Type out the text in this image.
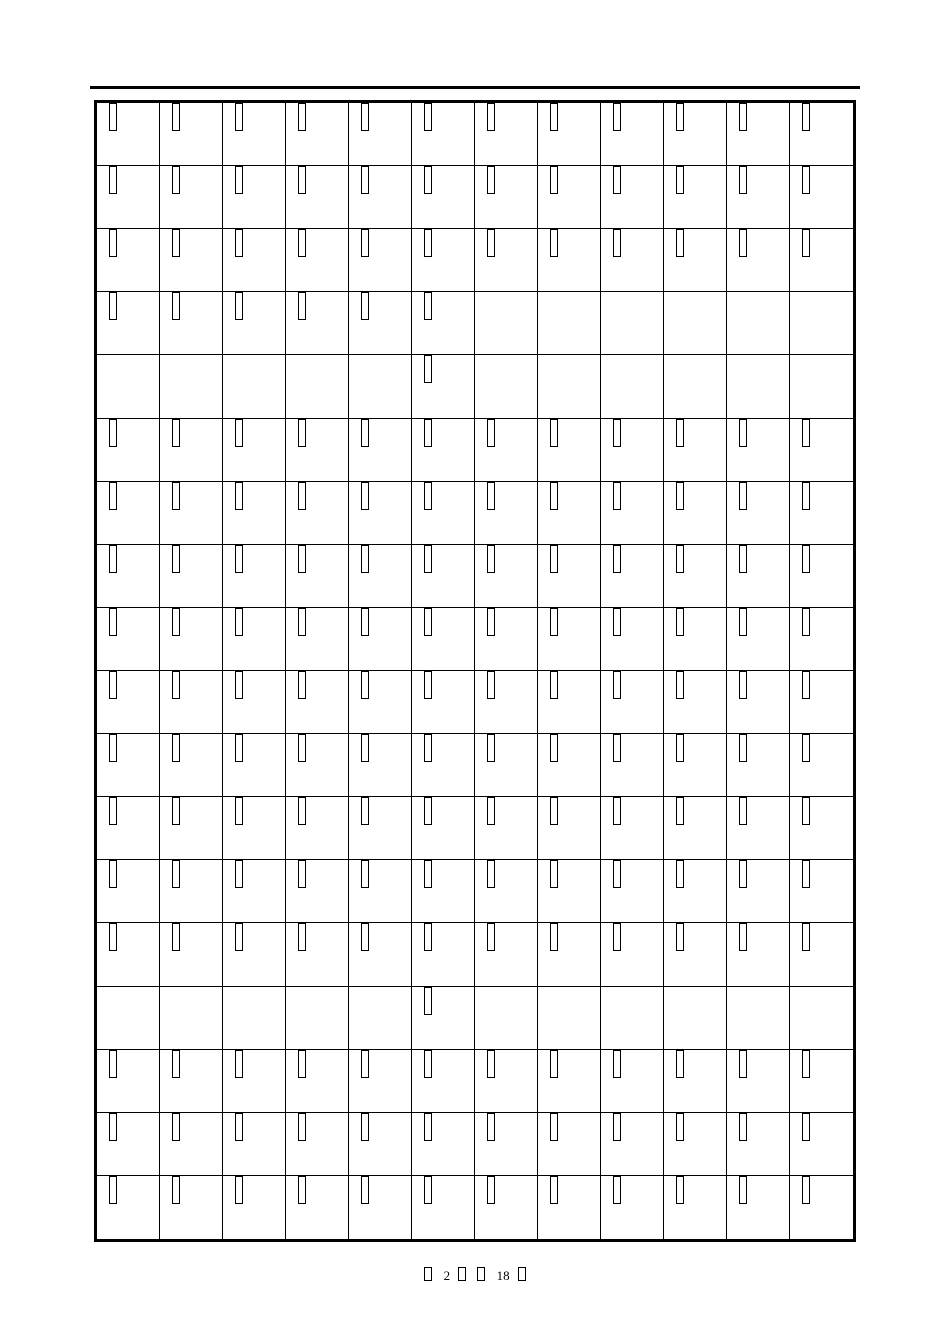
2	18
